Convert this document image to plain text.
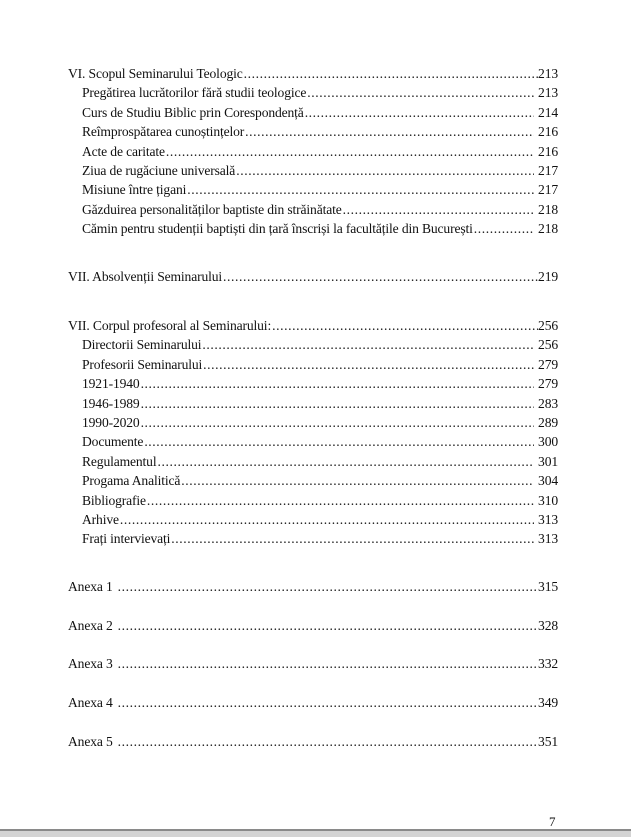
VI. Scopul Seminarului Teologic .....	213
Pregătirea lucrătorilor fără studii teologice .....	213
Curs de Studiu Biblic prin Corespondență .....	214
Reîmprospătarea cunoștințelor .....	216
Acte de caritate .....	216
Ziua de rugăciune universală .....	217
Misiune între țigani .....	217
Găzduirea personalităților baptiste din străinătate .....	218
Cămin pentru studenții baptiști din țară înscriși la facultățile din București .....	218
VII. Absolvenții Seminarului .....	219
VII. Corpul profesoral al Seminarului: .....	256
Directorii Seminarului .....	256
Profesorii Seminarului .....	279
1921-1940 .....	279
1946-1989 .....	283
1990-2020 .....	289
Documente .....	300
Regulamentul .....	301
Progama Analitică .....	304
Bibliografie .....	310
Arhive .....	313
Frați intervievați .....	313
Anexa 1 .....	315
Anexa 2 .....	328
Anexa 3 .....	332
Anexa 4 .....	349
Anexa 5 .....	351
7
